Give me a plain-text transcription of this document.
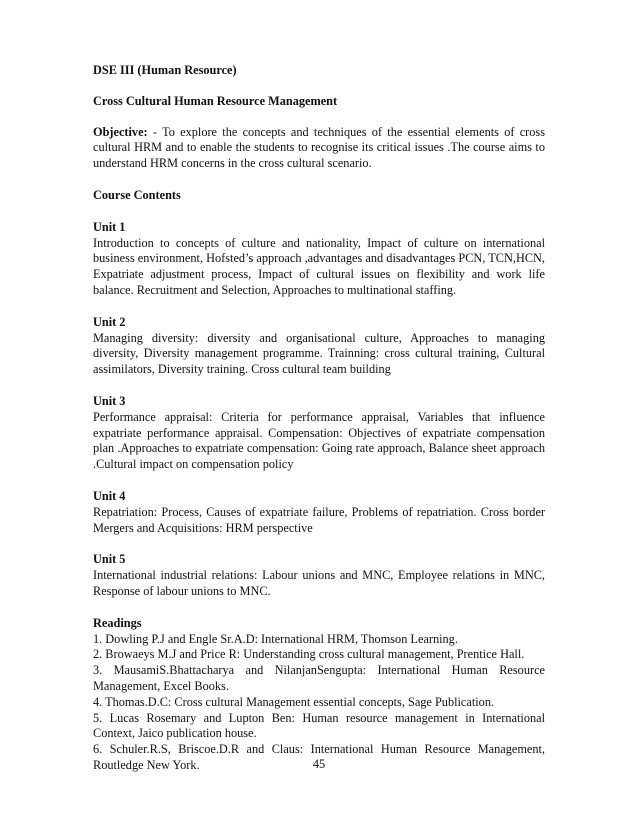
DSE III (Human Resource)

Cross Cultural Human Resource Management

Objective: - To explore the concepts and techniques of the essential elements of cross cultural HRM and to enable the students to recognise its critical issues .The course aims to understand HRM concerns in the cross cultural scenario.

Course Contents

Unit 1

Introduction to concepts of culture and nationality, Impact of culture on international business environment, Hofsted’s approach ,advantages and disadvantages PCN, TCN,HCN, Expatriate adjustment process, Impact of cultural issues on flexibility and work life balance. Recruitment and Selection, Approaches to multinational staffing.

Unit 2

Managing diversity: diversity and organisational culture, Approaches to managing diversity, Diversity management programme. Trainning: cross cultural training, Cultural assimilators, Diversity training. Cross cultural team building

Unit 3

Performance appraisal: Criteria for performance appraisal, Variables that influence expatriate performance appraisal. Compensation: Objectives of expatriate compensation plan .Approaches to expatriate compensation: Going rate approach, Balance sheet approach .Cultural impact on compensation policy

Unit 4

Repatriation: Process, Causes of expatriate failure, Problems of repatriation. Cross border Mergers and Acquisitions: HRM perspective

Unit 5

International industrial relations: Labour unions and MNC, Employee relations in MNC, Response of labour unions to MNC.

Readings

1. Dowling P.J and Engle Sr.A.D: International HRM, Thomson Learning.

2. Browaeys M.J and Price R: Understanding cross cultural management, Prentice Hall.

3. MausamiS.Bhattacharya and NilanjanSengupta: International Human Resource Management, Excel Books.

4. Thomas.D.C: Cross cultural Management essential concepts, Sage Publication.

5. Lucas Rosemary and Lupton Ben: Human resource management in International Context, Jaico publication house.

6. Schuler.R.S, Briscoe.D.R and Claus: International Human Resource Management, Routledge New York.	45
